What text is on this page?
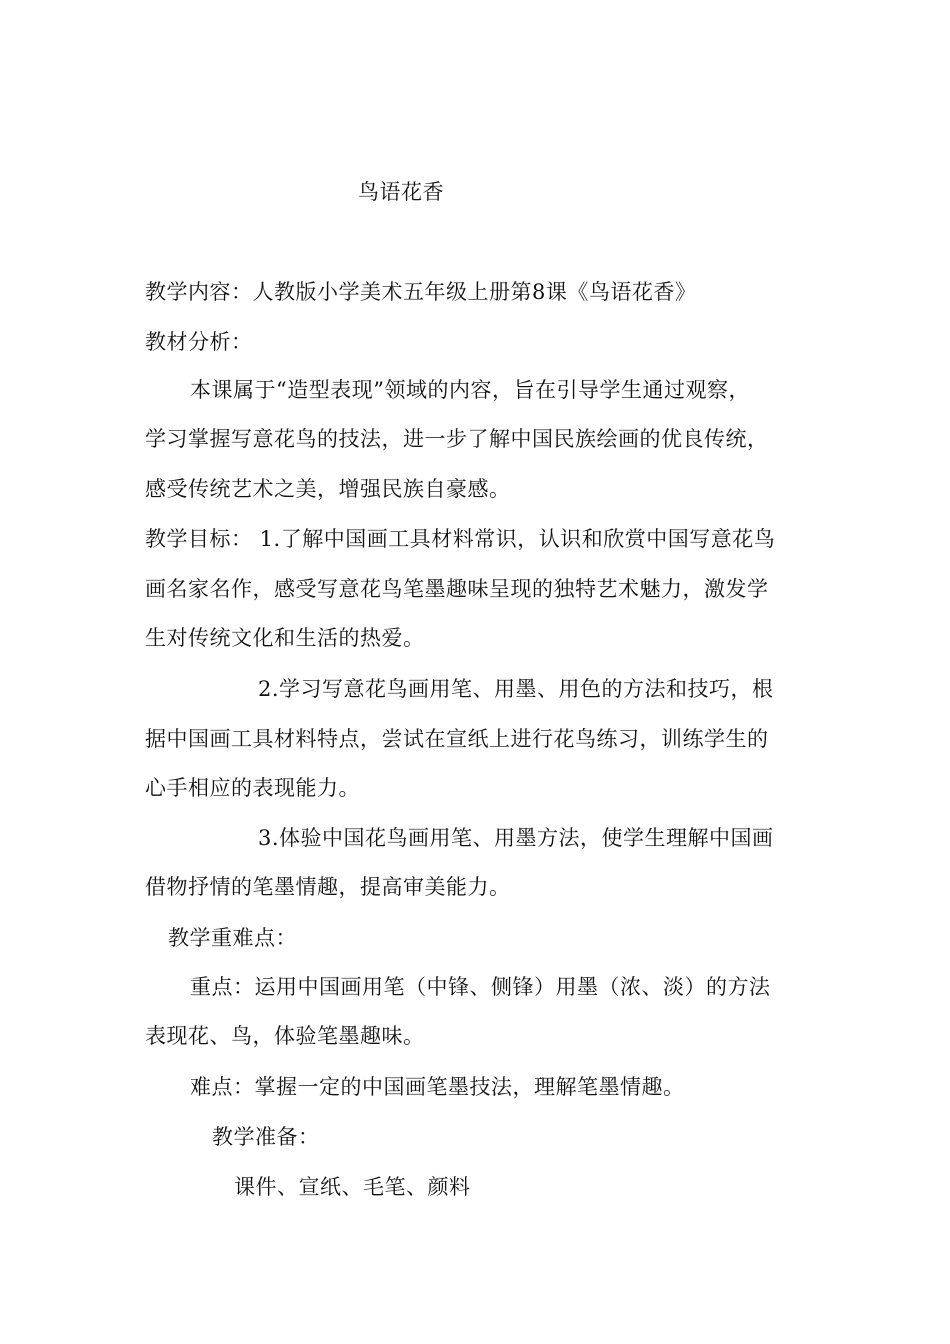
鸟语花香
教学内容：人教版小学美术五年级上册第8课《鸟语花香》
教材分析：
本课属于“造型表现”领域的内容，旨在引导学生通过观察，
学习掌握写意花鸟的技法，进一步了解中国民族绘画的优良传统，
感受传统艺术之美，增强民族自豪感。
教学目标： 1.了解中国画工具材料常识，认识和欣赏中国写意花鸟
画名家名作，感受写意花鸟笔墨趣味呈现的独特艺术魅力，激发学
生对传统文化和生活的热爱。
2.学习写意花鸟画用笔、用墨、用色的方法和技巧，根
据中国画工具材料特点，尝试在宣纸上进行花鸟练习，训练学生的
心手相应的表现能力。
3.体验中国花鸟画用笔、用墨方法，使学生理解中国画
借物抒情的笔墨情趣，提高审美能力。
教学重难点：
重点：运用中国画用笔（中锋、侧锋）用墨（浓、淡）的方法
表现花、鸟，体验笔墨趣味。
难点：掌握一定的中国画笔墨技法，理解笔墨情趣。
教学准备：
课件、宣纸、毛笔、颜料
